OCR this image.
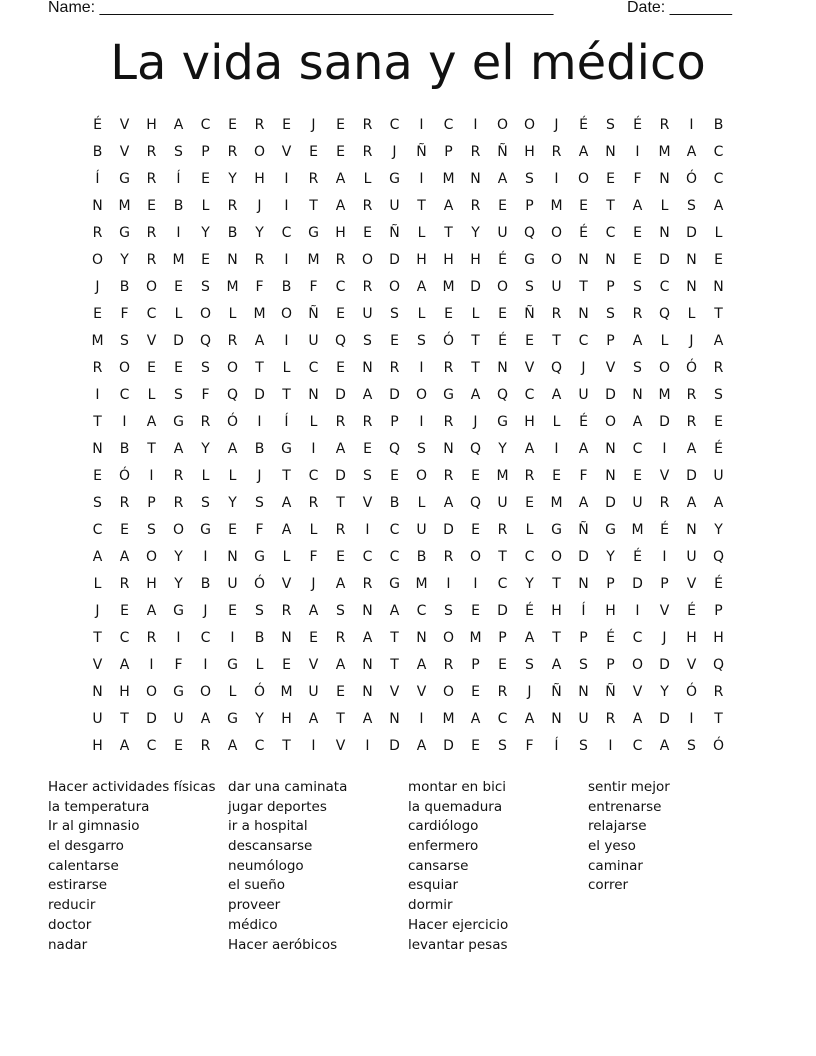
Name: ___________________________________________________

	Date: _______

La vida sana y el médico
É	V	H	A	C	E	R	E	J	E	R	C	I	C	I	O	O	J	É	S	É	R	I	B
B	V	R	S	P	R	O	V	E	E	R	J	Ñ	P	R	Ñ	H	R	A	N	I	M	A	C
Í	G	R	Í	E	Y	H	I	R	A	L	G	I	M	N	A	S	I	O	E	F	N	Ó	C
N	M	E	B	L	R	J	I	T	A	R	U	T	A	R	E	P	M	E	T	A	L	S	A
R	G	R	I	Y	B	Y	C	G	H	E	Ñ	L	T	Y	U	Q	O	É	C	E	N	D	L
O	Y	R	M	E	N	R	I	M	R	O	D	H	H	H	É	G	O	N	N	E	D	N	E
J	B	O	E	S	M	F	B	F	C	R	O	A	M	D	O	S	U	T	P	S	C	N	N
E	F	C	L	O	L	M	O	Ñ	E	U	S	L	E	L	E	Ñ	R	N	S	R	Q	L	T
M	S	V	D	Q	R	A	I	U	Q	S	E	S	Ó	T	É	E	T	C	P	A	L	J	A
R	O	E	E	S	O	T	L	C	E	N	R	I	R	T	N	V	Q	J	V	S	O	Ó	R
I	C	L	S	F	Q	D	T	N	D	A	D	O	G	A	Q	C	A	U	D	N	M	R	S
T	I	A	G	R	Ó	I	Í	L	R	R	P	I	R	J	G	H	L	É	O	A	D	R	E
N	B	T	A	Y	A	B	G	I	A	E	Q	S	N	Q	Y	A	I	A	N	C	I	A	É
E	Ó	I	R	L	L	J	T	C	D	S	E	O	R	E	M	R	E	F	N	E	V	D	U
S	R	P	R	S	Y	S	A	R	T	V	B	L	A	Q	U	E	M	A	D	U	R	A	A
C	E	S	O	G	E	F	A	L	R	I	C	U	D	E	R	L	G	Ñ	G	M	É	N	Y
A	A	O	Y	I	N	G	L	F	E	C	C	B	R	O	T	C	O	D	Y	É	I	U	Q
L	R	H	Y	B	U	Ó	V	J	A	R	G	M	I	I	C	Y	T	N	P	D	P	V	É
J	E	A	G	J	E	S	R	A	S	N	A	C	S	E	D	É	H	Í	H	I	V	É	P
T	C	R	I	C	I	B	N	E	R	A	T	N	O	M	P	A	T	P	É	C	J	H	H
V	A	I	F	I	G	L	E	V	A	N	T	A	R	P	E	S	A	S	P	O	D	V	Q
N	H	O	G	O	L	Ó	M	U	E	N	V	V	O	E	R	J	Ñ	N	Ñ	V	Y	Ó	R
U	T	D	U	A	G	Y	H	A	T	A	N	I	M	A	C	A	N	U	R	A	D	I	T
H	A	C	E	R	A	C	T	I	V	I	D	A	D	E	S	F	Í	S	I	C	A	S	Ó
Hacer actividades físicas
la temperatura
Ir al gimnasio
el desgarro
calentarse
estirarse
reducir
doctor
nadar
dar una caminata
jugar deportes
ir a hospital
descansarse
neumólogo
el sueño
proveer
médico
Hacer aeróbicos
montar en bici
la quemadura
cardiólogo
enfermero
cansarse
esquiar
dormir
Hacer ejercicio
levantar pesas
sentir mejor
entrenarse
relajarse
el yeso
caminar
correr
